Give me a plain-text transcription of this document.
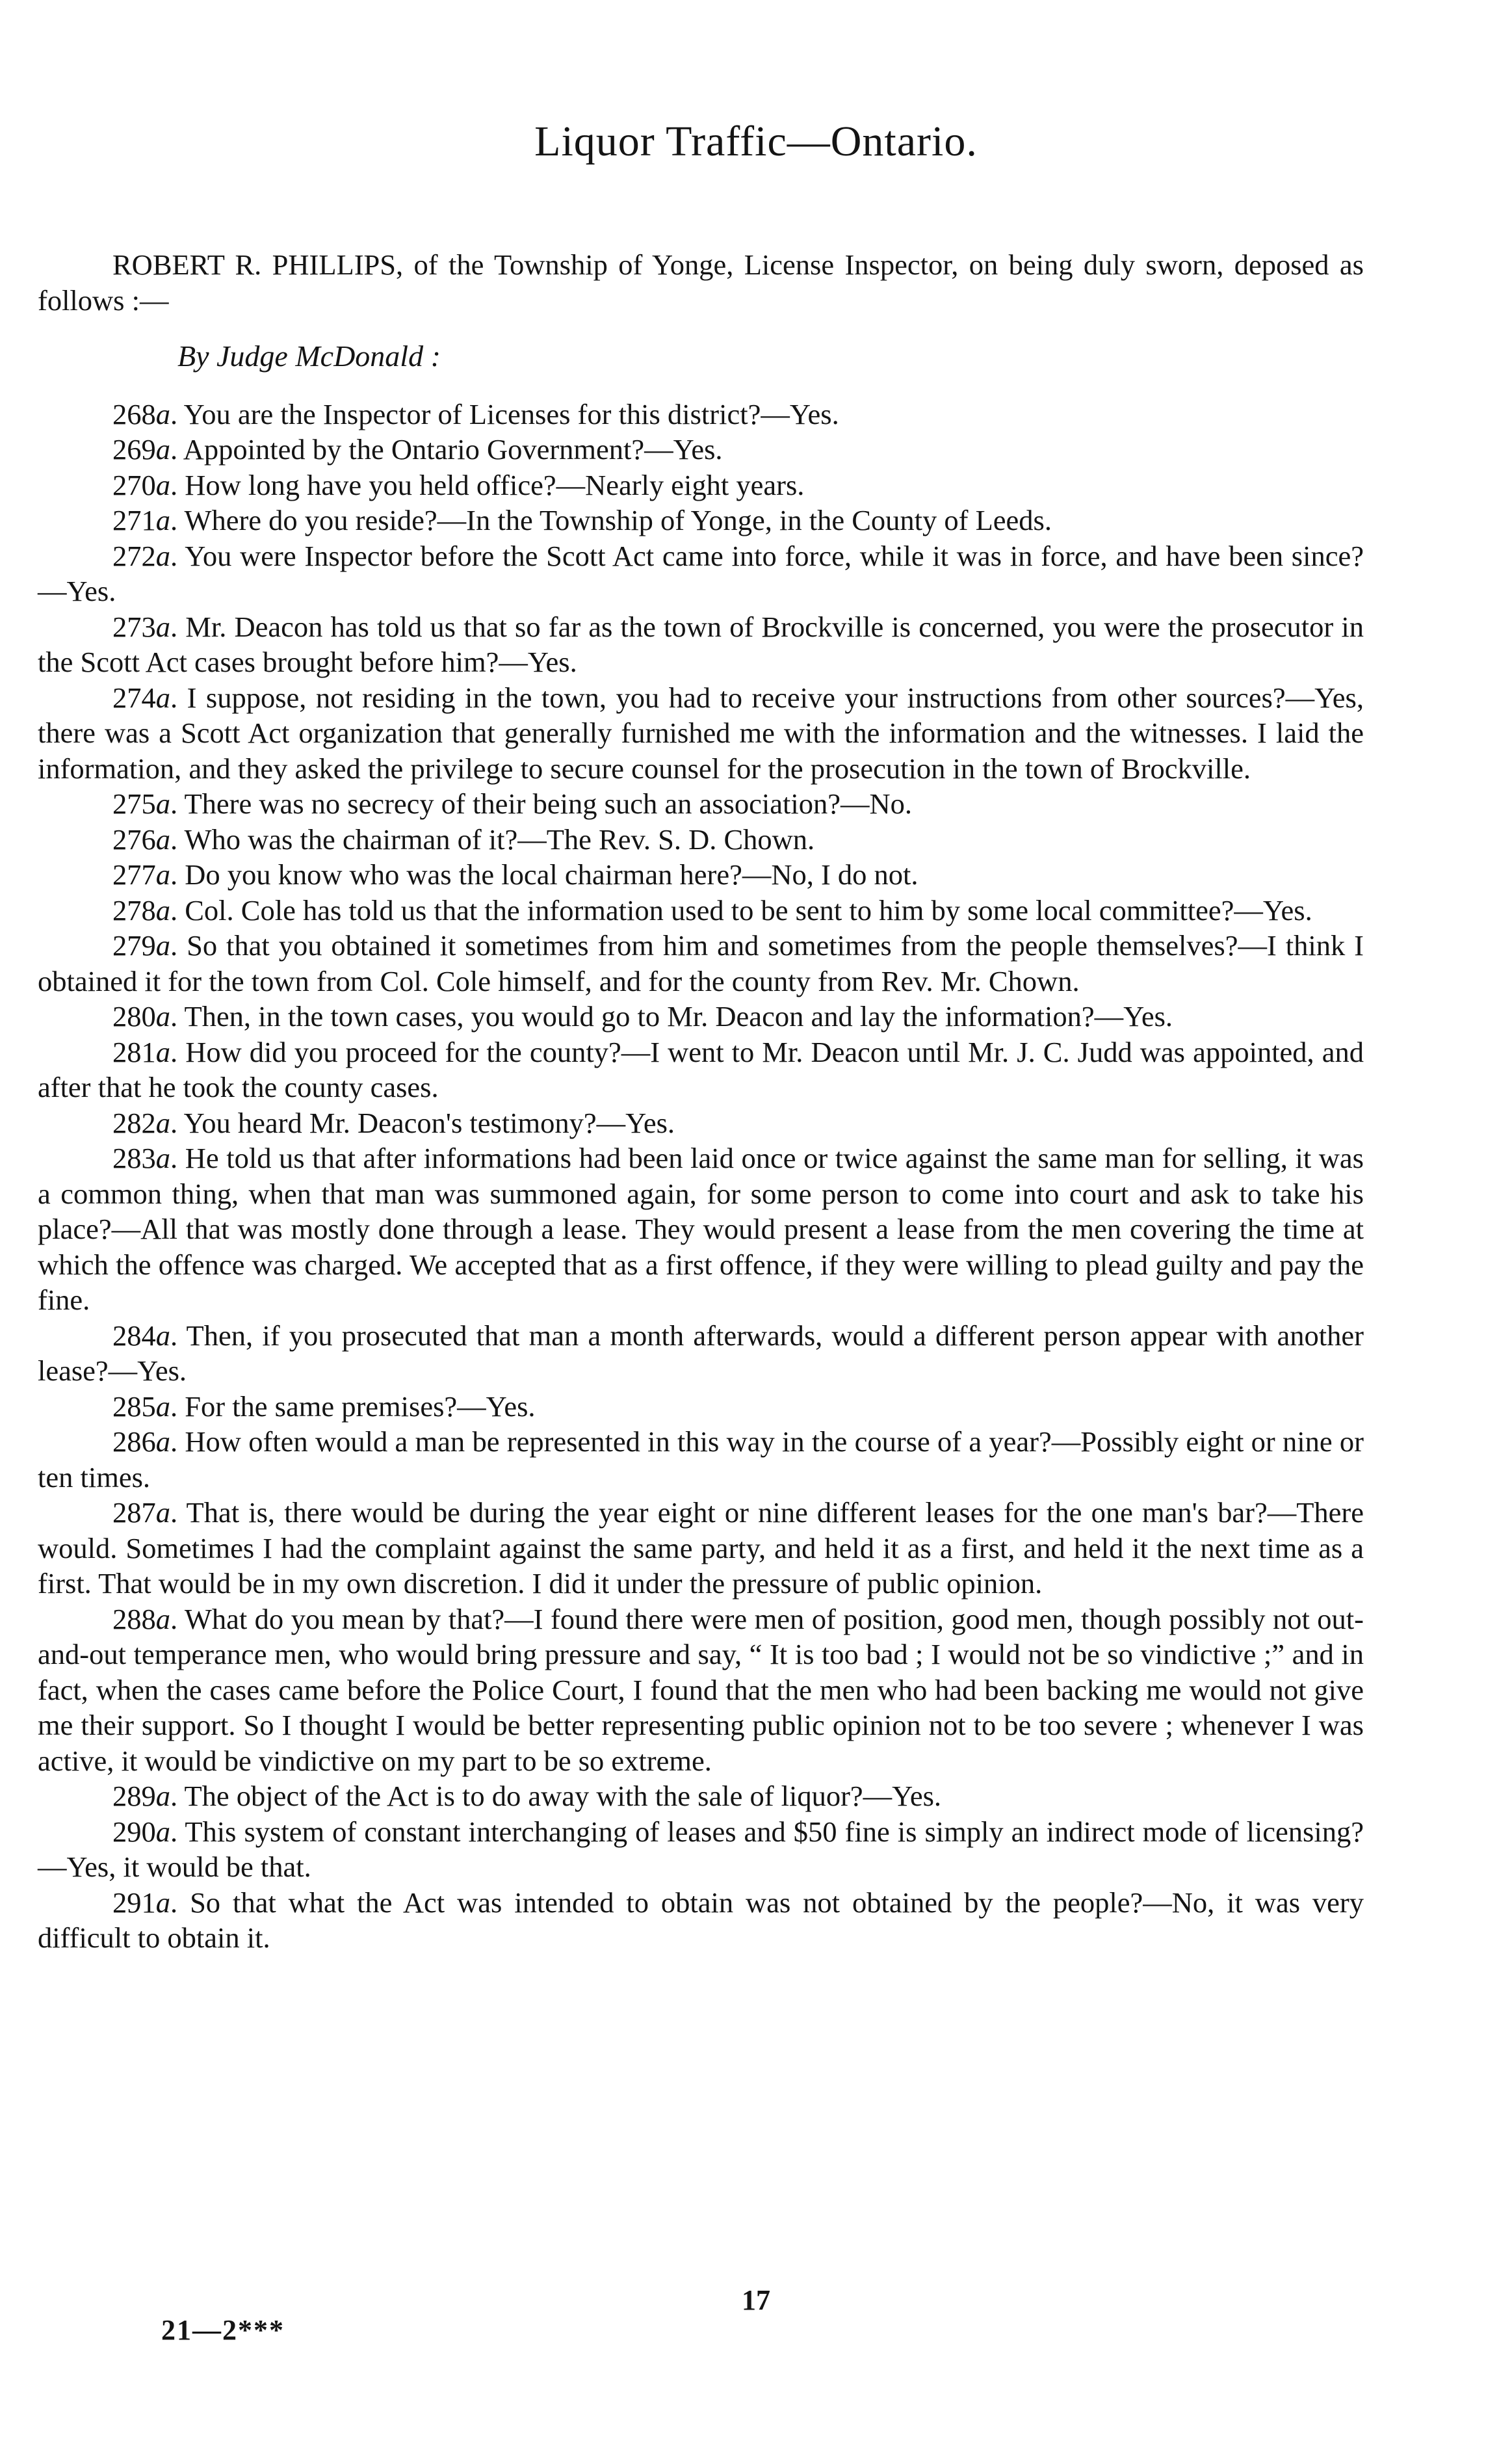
Liquor Traffic—Ontario.

ROBERT R. PHILLIPS, of the Township of Yonge, License Inspector, on being duly sworn, deposed as follows :—

By Judge McDonald :

268a. You are the Inspector of Licenses for this district?—Yes.

269a. Appointed by the Ontario Government?—Yes.

270a. How long have you held office?—Nearly eight years.

271a. Where do you reside?—In the Township of Yonge, in the County of Leeds.

272a. You were Inspector before the Scott Act came into force, while it was in force, and have been since?—Yes.

273a. Mr. Deacon has told us that so far as the town of Brockville is concerned, you were the prosecutor in the Scott Act cases brought before him?—Yes.

274a. I suppose, not residing in the town, you had to receive your instructions from other sources?—Yes, there was a Scott Act organization that generally furnished me with the information and the witnesses. I laid the information, and they asked the privilege to secure counsel for the prosecution in the town of Brockville.

275a. There was no secrecy of their being such an association?—No.

276a. Who was the chairman of it?—The Rev. S. D. Chown.

277a. Do you know who was the local chairman here?—No, I do not.

278a. Col. Cole has told us that the information used to be sent to him by some local committee?—Yes.

279a. So that you obtained it sometimes from him and sometimes from the people themselves?—I think I obtained it for the town from Col. Cole himself, and for the county from Rev. Mr. Chown.

280a. Then, in the town cases, you would go to Mr. Deacon and lay the information?—Yes.

281a. How did you proceed for the county?—I went to Mr. Deacon until Mr. J. C. Judd was appointed, and after that he took the county cases.

282a. You heard Mr. Deacon's testimony?—Yes.

283a. He told us that after informations had been laid once or twice against the same man for selling, it was a common thing, when that man was summoned again, for some person to come into court and ask to take his place?—All that was mostly done through a lease. They would present a lease from the men covering the time at which the offence was charged. We accepted that as a first offence, if they were willing to plead guilty and pay the fine.

284a. Then, if you prosecuted that man a month afterwards, would a different person appear with another lease?—Yes.

285a. For the same premises?—Yes.

286a. How often would a man be represented in this way in the course of a year?—Possibly eight or nine or ten times.

287a. That is, there would be during the year eight or nine different leases for the one man's bar?—There would. Sometimes I had the complaint against the same party, and held it as a first, and held it the next time as a first. That would be in my own discretion. I did it under the pressure of public opinion.

288a. What do you mean by that?—I found there were men of position, good men, though possibly not out-and-out temperance men, who would bring pressure and say, “ It is too bad ; I would not be so vindictive ;” and in fact, when the cases came before the Police Court, I found that the men who had been backing me would not give me their support. So I thought I would be better representing public opinion not to be too severe ; whenever I was active, it would be vindictive on my part to be so extreme.

289a. The object of the Act is to do away with the sale of liquor?—Yes.

290a. This system of constant interchanging of leases and $50 fine is simply an indirect mode of licensing?—Yes, it would be that.

291a. So that what the Act was intended to obtain was not obtained by the people?—No, it was very difficult to obtain it.

17
21—2***
